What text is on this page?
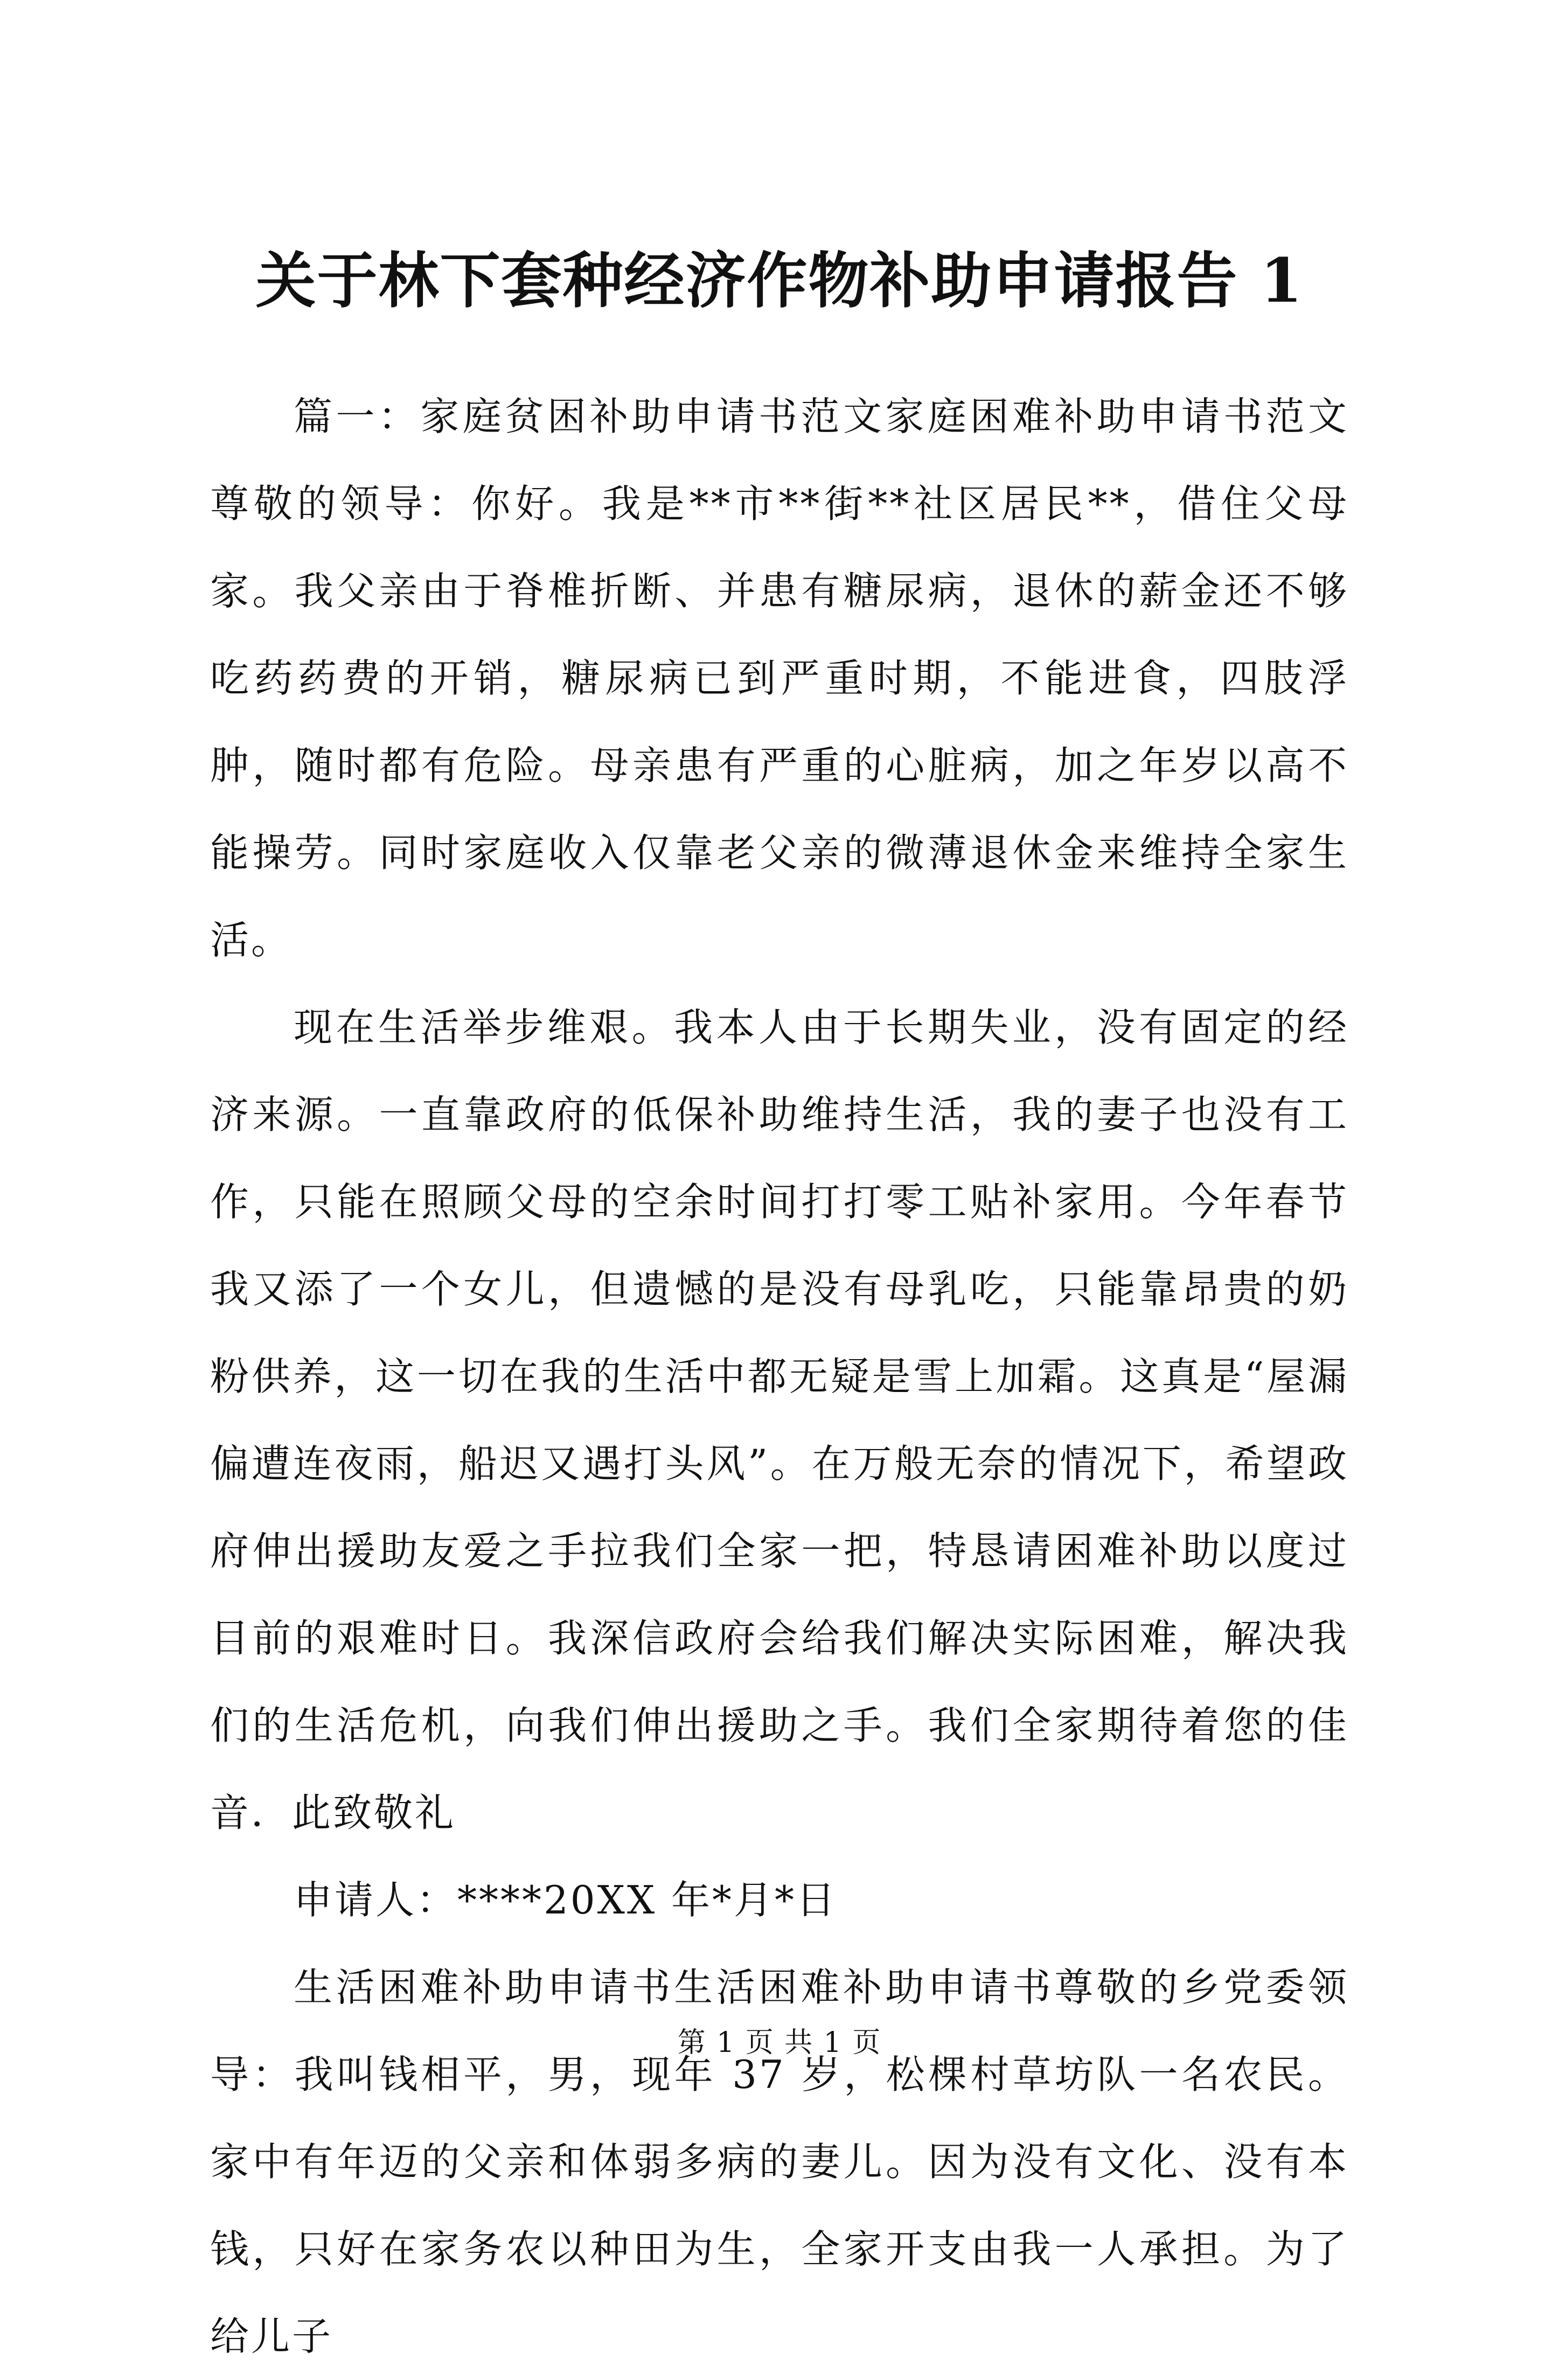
关于林下套种经济作物补助申请报告 1

篇一：家庭贫困补助申请书范文家庭困难补助申请书范文尊敬的领导：你好。我是**市**街**社区居民**，借住父母家。我父亲由于脊椎折断、并患有糖尿病，退休的薪金还不够吃药药费的开销，糖尿病已到严重时期，不能进食，四肢浮肿，随时都有危险。母亲患有严重的心脏病，加之年岁以高不能操劳。同时家庭收入仅靠老父亲的微薄退休金来维持全家生活。

现在生活举步维艰。我本人由于长期失业，没有固定的经济来源。一直靠政府的低保补助维持生活，我的妻子也没有工作，只能在照顾父母的空余时间打打零工贴补家用。今年春节我又添了一个女儿，但遗憾的是没有母乳吃，只能靠昂贵的奶粉供养，这一切在我的生活中都无疑是雪上加霜。这真是“屋漏偏遭连夜雨，船迟又遇打头风”。在万般无奈的情况下，希望政府伸出援助友爱之手拉我们全家一把，特恳请困难补助以度过目前的艰难时日。我深信政府会给我们解决实际困难，解决我们的生活危机，向我们伸出援助之手。我们全家期待着您的佳音．此致敬礼

申请人：****20XX 年*月*日

生活困难补助申请书生活困难补助申请书尊敬的乡党委领导：我叫钱相平，男，现年 37 岁，松棵村草坊队一名农民。家中有年迈的父亲和体弱多病的妻儿。因为没有文化、没有本钱，只好在家务农以种田为生，全家开支由我一人承担。为了给儿子

第 1 页 共 1 页
